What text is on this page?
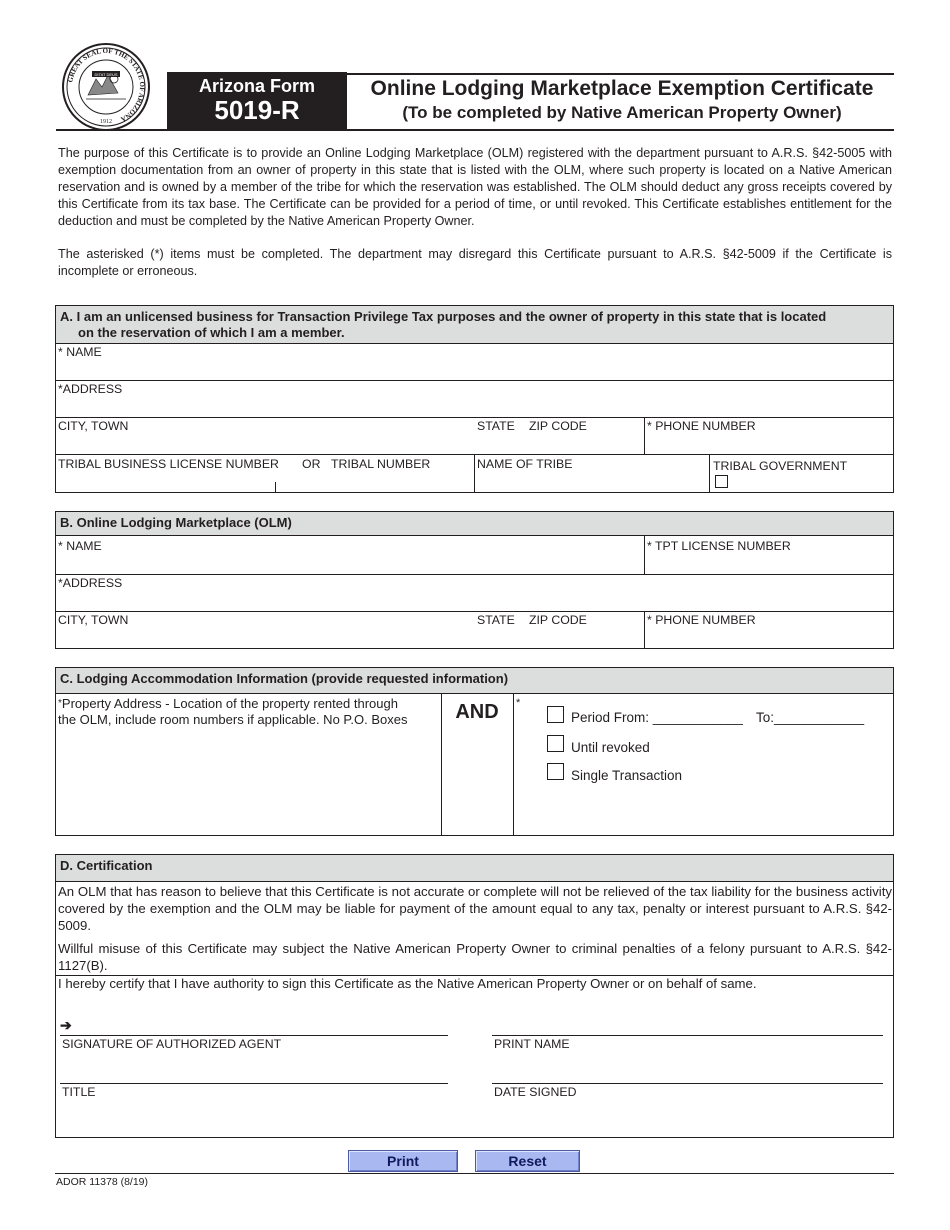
GREAT SEAL OF THE STATE OF ARIZONA
DITAT DEUS
1912
Arizona Form
5019-R
Online Lodging Marketplace Exemption Certificate
(To be completed by Native American Property Owner)
The purpose of this Certificate is to provide an Online Lodging Marketplace (OLM) registered with the department pursuant to A.R.S. §42-5005 with exemption documentation from an owner of property in this state that is listed with the OLM, where such property is located on a Native American reservation and is owned by a member of the tribe for which the reservation was established. The OLM should deduct any gross receipts covered by this Certificate from its tax base. The Certificate can be provided for a period of time, or until revoked. This Certificate establishes entitlement for the deduction and must be completed by the Native American Property Owner.
The asterisked (*) items must be completed. The department may disregard this Certificate pursuant to A.R.S. §42-5009 if the Certificate is incomplete or erroneous.
A. I am an unlicensed business for Transaction Privilege Tax purposes and the owner of property in this state that is located
on the reservation of which I am a member.
* NAME
*ADDRESS
CITY, TOWN	STATE ZIP CODE	* PHONE NUMBER
TRIBAL BUSINESS LICENSE NUMBER OR TRIBAL NUMBER	NAME OF TRIBE	TRIBAL GOVERNMENT
B. Online Lodging Marketplace (OLM)
* NAME	* TPT LICENSE NUMBER
*ADDRESS
CITY, TOWN	STATE ZIP CODE	* PHONE NUMBER
C. Lodging Accommodation Information (provide requested information)
*Property Address - Location of the property rented through
the OLM, include room numbers if applicable. No P.O. Boxes	AND	*
Period From: ____________ To:____________
Until revoked
Single Transaction
D. Certification
An OLM that has reason to believe that this Certificate is not accurate or complete will not be relieved of the tax liability for the business activity covered by the exemption and the OLM may be liable for payment of the amount equal to any tax, penalty or interest pursuant to A.R.S. §42-5009.
Willful misuse of this Certificate may subject the Native American Property Owner to criminal penalties of a felony pursuant to A.R.S. §42-1127(B).
I hereby certify that I have authority to sign this Certificate as the Native American Property Owner or on behalf of same.
➔
SIGNATURE OF AUTHORIZED AGENT	PRINT NAME
TITLE	DATE SIGNED
Print	Reset
ADOR 11378 (8/19)
